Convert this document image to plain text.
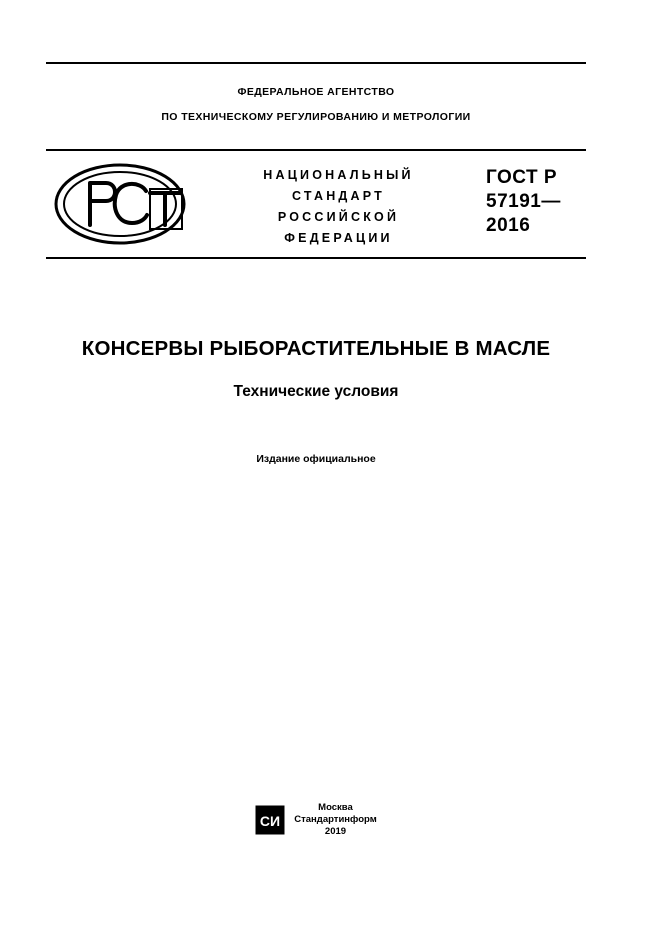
ФЕДЕРАЛЬНОЕ АГЕНТСТВО
ПО ТЕХНИЧЕСКОМУ РЕГУЛИРОВАНИЮ И МЕТРОЛОГИИ
НАЦИОНАЛЬНЫЙ
СТАНДАРТ
РОССИЙСКОЙ
ФЕДЕРАЦИИ
ГОСТ Р
57191—
2016
КОНСЕРВЫ РЫБОРАСТИТЕЛЬНЫЕ В МАСЛЕ
Технические условия
Издание официальное
СИ
Москва
Стандартинформ
2019
